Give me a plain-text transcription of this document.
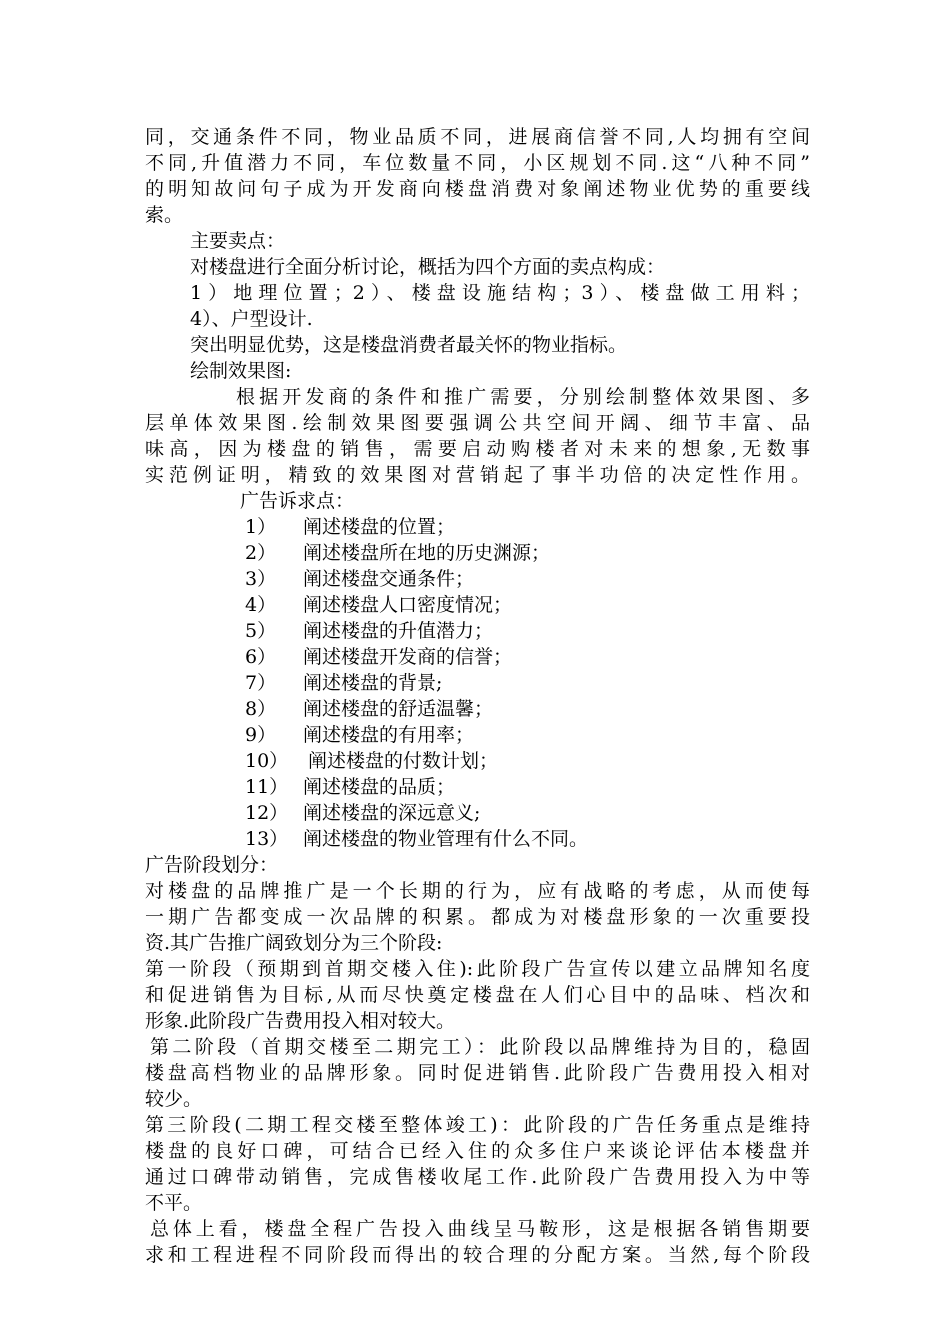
同，交通条件不同，物业品质不同，进展商信誉不同,人均拥有空间
不同,升值潜力不同，车位数量不同，小区规划不同.这“八种不同”
的明知故问句子成为开发商向楼盘消费对象阐述物业优势的重要线
索。
主要卖点：
对楼盘进行全面分析讨论，概括为四个方面的卖点构成：
1）地理位置；2）、楼盘设施结构；3）、楼盘做工用料；
4）、户型设计.
突出明显优势，这是楼盘消费者最关怀的物业指标。
绘制效果图:
根据开发商的条件和推广需要，分别绘制整体效果图、多
层单体效果图.绘制效果图要强调公共空间开阔、细节丰富、品
味高，因为楼盘的销售，需要启动购楼者对未来的想象,无数事
实范例证明，精致的效果图对营销起了事半功倍的决定性作用。
广告诉求点：
1） 阐述楼盘的位置；
2） 阐述楼盘所在地的历史渊源；
3） 阐述楼盘交通条件；
4） 阐述楼盘人口密度情况；
5） 阐述楼盘的升值潜力；
6） 阐述楼盘开发商的信誉；
7） 阐述楼盘的背景;
8） 阐述楼盘的舒适温馨；
9） 阐述楼盘的有用率；
10） 阐述楼盘的付数计划；
11） 阐述楼盘的品质；
12） 阐述楼盘的深远意义;
13） 阐述楼盘的物业管理有什么不同。
广告阶段划分：
对楼盘的品牌推广是一个长期的行为，应有战略的考虑，从而使每
一期广告都变成一次品牌的积累。都成为对楼盘形象的一次重要投
资.其广告推广阔致划分为三个阶段:
第一阶段（预期到首期交楼入住):此阶段广告宣传以建立品牌知名度
和促进销售为目标,从而尽快奠定楼盘在人们心目中的品味、档次和
形象.此阶段广告费用投入相对较大。
第二阶段（首期交楼至二期完工）：此阶段以品牌维持为目的，稳固
楼盘高档物业的品牌形象。同时促进销售.此阶段广告费用投入相对
较少。
第三阶段(二期工程交楼至整体竣工)：此阶段的广告任务重点是维持
楼盘的良好口碑，可结合已经入住的众多住户来谈论评估本楼盘并
通过口碑带动销售，完成售楼收尾工作.此阶段广告费用投入为中等
不平。
总体上看，楼盘全程广告投入曲线呈马鞍形，这是根据各销售期要
求和工程进程不同阶段而得出的较合理的分配方案。当然,每个阶段
